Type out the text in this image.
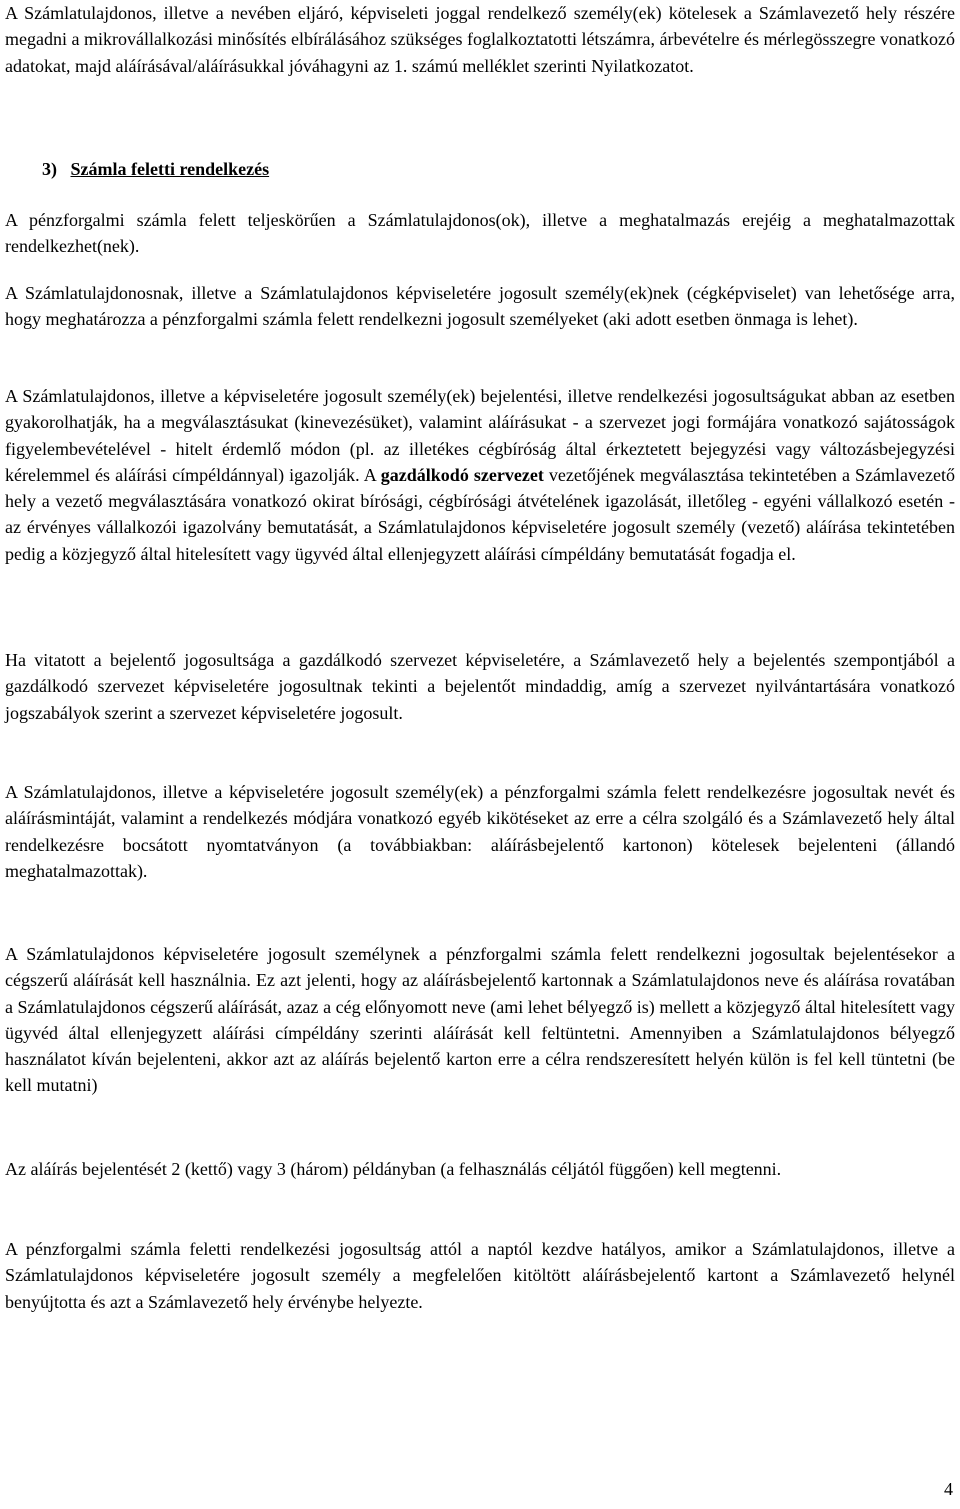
A Számlatulajdonos, illetve a nevében eljáró, képviseleti joggal rendelkező személy(ek) kötelesek a Számlavezető hely részére megadni a mikrovállalkozási minősítés elbírálásához szükséges foglalkoztatotti létszámra, árbevételre és mérlegösszegre vonatkozó adatokat, majd aláírásával/aláírásukkal jóváhagyni az 1. számú melléklet szerinti Nyilatkozatot.

3) Számla feletti rendelkezés

A pénzforgalmi számla felett teljeskörűen a Számlatulajdonos(ok), illetve a meghatalmazás erejéig a meghatalmazottak rendelkezhet(nek).

A Számlatulajdonosnak, illetve a Számlatulajdonos képviseletére jogosult személy(ek)nek (cégképviselet) van lehetősége arra, hogy meghatározza a pénzforgalmi számla felett rendelkezni jogosult személyeket (aki adott esetben önmaga is lehet).

A Számlatulajdonos, illetve a képviseletére jogosult személy(ek) bejelentési, illetve rendelkezési jogosultságukat abban az esetben gyakorolhatják, ha a megválasztásukat (kinevezésüket), valamint aláírásukat - a szervezet jogi formájára vonatkozó sajátosságok figyelembevételével - hitelt érdemlő módon (pl. az illetékes cégbíróság által érkeztetett bejegyzési vagy változásbejegyzési kérelemmel és aláírási címpéldánnyal) igazolják. A gazdálkodó szervezet vezetőjének megválasztása tekintetében a Számlavezető hely a vezető megválasztására vonatkozó okirat bírósági, cégbírósági átvételének igazolását, illetőleg - egyéni vállalkozó esetén - az érvényes vállalkozói igazolvány bemutatását, a Számlatulajdonos képviseletére jogosult személy (vezető) aláírása tekintetében pedig a közjegyző által hitelesített vagy ügyvéd által ellenjegyzett aláírási címpéldány bemutatását fogadja el.

Ha vitatott a bejelentő jogosultsága a gazdálkodó szervezet képviseletére, a Számlavezető hely a bejelentés szempontjából a gazdálkodó szervezet képviseletére jogosultnak tekinti a bejelentőt mindaddig, amíg a szervezet nyilvántartására vonatkozó jogszabályok szerint a szervezet képviseletére jogosult.

A Számlatulajdonos, illetve a képviseletére jogosult személy(ek) a pénzforgalmi számla felett rendelkezésre jogosultak nevét és aláírásmintáját, valamint a rendelkezés módjára vonatkozó egyéb kikötéseket az erre a célra szolgáló és a Számlavezető hely által rendelkezésre bocsátott nyomtatványon (a továbbiakban: aláírásbejelentő kartonon) kötelesek bejelenteni (állandó meghatalmazottak).

A Számlatulajdonos képviseletére jogosult személynek a pénzforgalmi számla felett rendelkezni jogosultak bejelentésekor a cégszerű aláírását kell használnia. Ez azt jelenti, hogy az aláírásbejelentő kartonnak a Számlatulajdonos neve és aláírása rovatában a Számlatulajdonos cégszerű aláírását, azaz a cég előnyomott neve (ami lehet bélyegző is) mellett a közjegyző által hitelesített vagy ügyvéd által ellenjegyzett aláírási címpéldány szerinti aláírását kell feltüntetni. Amennyiben a Számlatulajdonos bélyegző használatot kíván bejelenteni, akkor azt az aláírás bejelentő karton erre a célra rendszeresített helyén külön is fel kell tüntetni (be kell mutatni)

Az aláírás bejelentését 2 (kettő) vagy 3 (három) példányban (a felhasználás céljától függően) kell megtenni.

A pénzforgalmi számla feletti rendelkezési jogosultság attól a naptól kezdve hatályos, amikor a Számlatulajdonos, illetve a Számlatulajdonos képviseletére jogosult személy a megfelelően kitöltött aláírásbejelentő kartont a Számlavezető helynél benyújtotta és azt a Számlavezető hely érvénybe helyezte.

4
